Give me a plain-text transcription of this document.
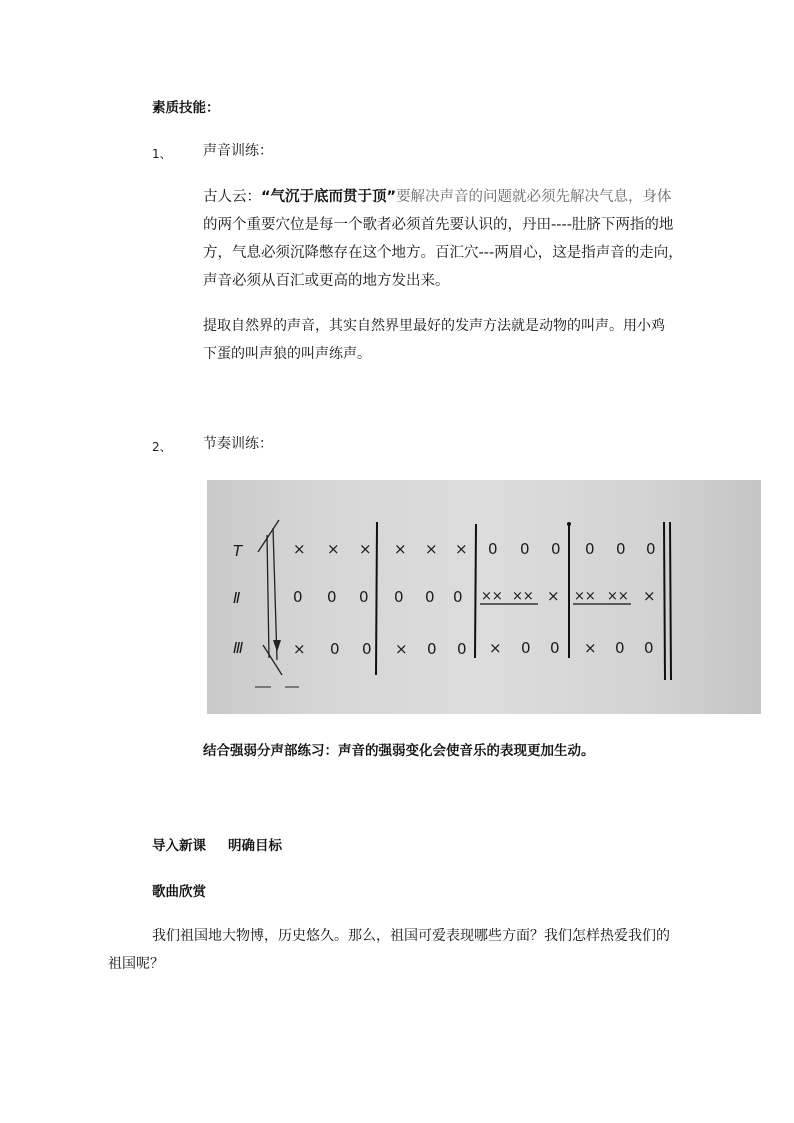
素质技能：
1、 声音训练：
古人云：“气沉于底而贯于顶”要解决声音的问题就必须先解决气息，身体
的两个重要穴位是每一个歌者必须首先要认识的，丹田----肚脐下两指的地
方，气息必须沉降憋存在这个地方。百汇穴---两眉心，这是指声音的走向，
声音必须从百汇或更高的地方发出来。
提取自然界的声音，其实自然界里最好的发声方法就是动物的叫声。用小鸡
下蛋的叫声狼的叫声练声。
2、 节奏训练：
T
Ⅱ
Ⅲ
× × × × × × 0 0 0 0 0 0
0 0 0 0 0 0 ×× ×× × ×× ×× ×
× 0 0 × 0 0 × 0 0 × 0 0
结合强弱分声部练习：声音的强弱变化会使音乐的表现更加生动。
导入新课 明确目标
歌曲欣赏
我们祖国地大物博，历史悠久。那么，祖国可爱表现哪些方面？我们怎样热爱我们的
祖国呢？
